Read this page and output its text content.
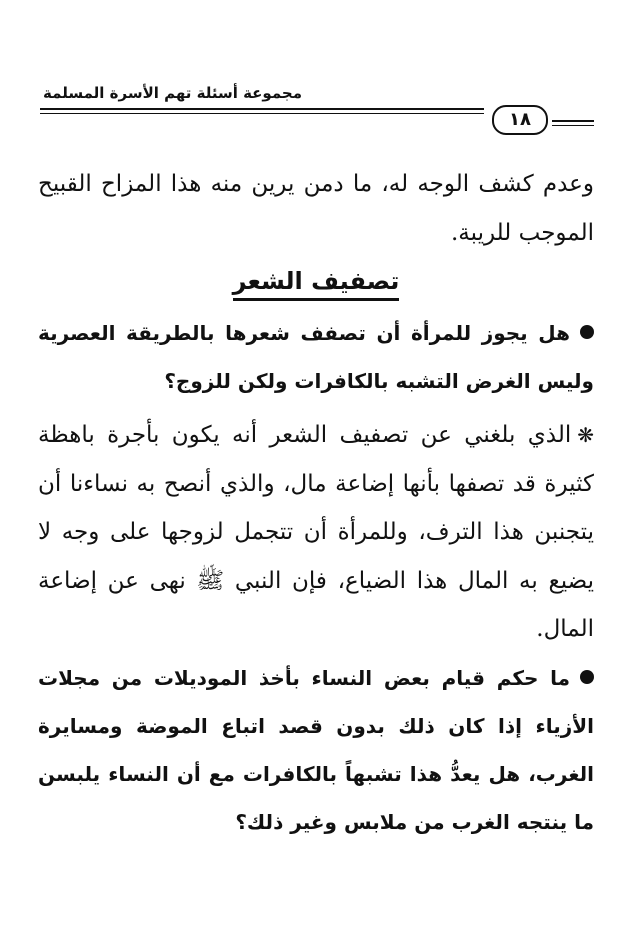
مجموعة أسئلة تهم الأسرة المسلمة
١٨

وعدم كشف الوجه له، ما دمن يرين منه هذا المزاح القبيح الموجب للريبة.

تصفيف الشعر

هل يجوز للمرأة أن تصفف شعرها بالطريقة العصرية وليس الغرض التشبه بالكافرات ولكن للزوج؟

❋الذي بلغني عن تصفيف الشعر أنه يكون بأجرة باهظة كثيرة قد تصفها بأنها إضاعة مال، والذي أنصح به نساءنا أن يتجنبن هذا الترف، وللمرأة أن تتجمل لزوجها على وجه لا يضيع به المال هذا الضياع، فإن النبي ﷺ نهى عن إضاعة المال.

ما حكم قيام بعض النساء بأخذ الموديلات من مجلات الأزياء إذا كان ذلك بدون قصد اتباع الموضة ومسايرة الغرب، هل يعدُّ هذا تشبهاً بالكافرات مع أن النساء يلبسن ما ينتجه الغرب من ملابس وغير ذلك؟
